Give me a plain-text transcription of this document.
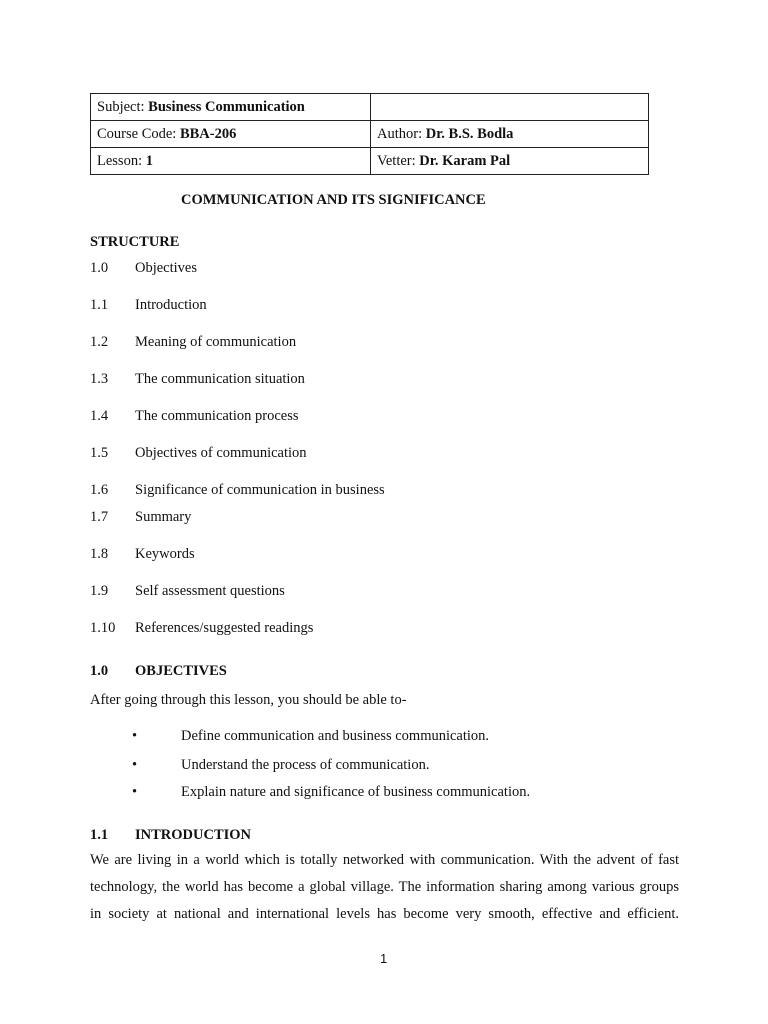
Subject: Business Communication	
Course Code: BBA-206	Author: Dr. B.S. Bodla
Lesson: 1	Vetter: Dr. Karam Pal
COMMUNICATION AND ITS SIGNIFICANCE
STRUCTURE
1.0 Objectives
1.1 Introduction
1.2 Meaning of communication
1.3 The communication situation
1.4 The communication process
1.5 Objectives of communication
1.6 Significance of communication in business
1.7 Summary
1.8 Keywords
1.9 Self assessment questions
1.10 References/suggested readings
1.0 OBJECTIVES
After going through this lesson, you should be able to-
•	Define communication and business communication.
•	Understand the process of communication.
•	Explain nature and significance of business communication.
1.1 INTRODUCTION
We are living in a world which is totally networked with communication. With the advent of fast
technology, the world has become a global village. The information sharing among various groups
in society at national and international levels has become very smooth, effective and efficient.
1
